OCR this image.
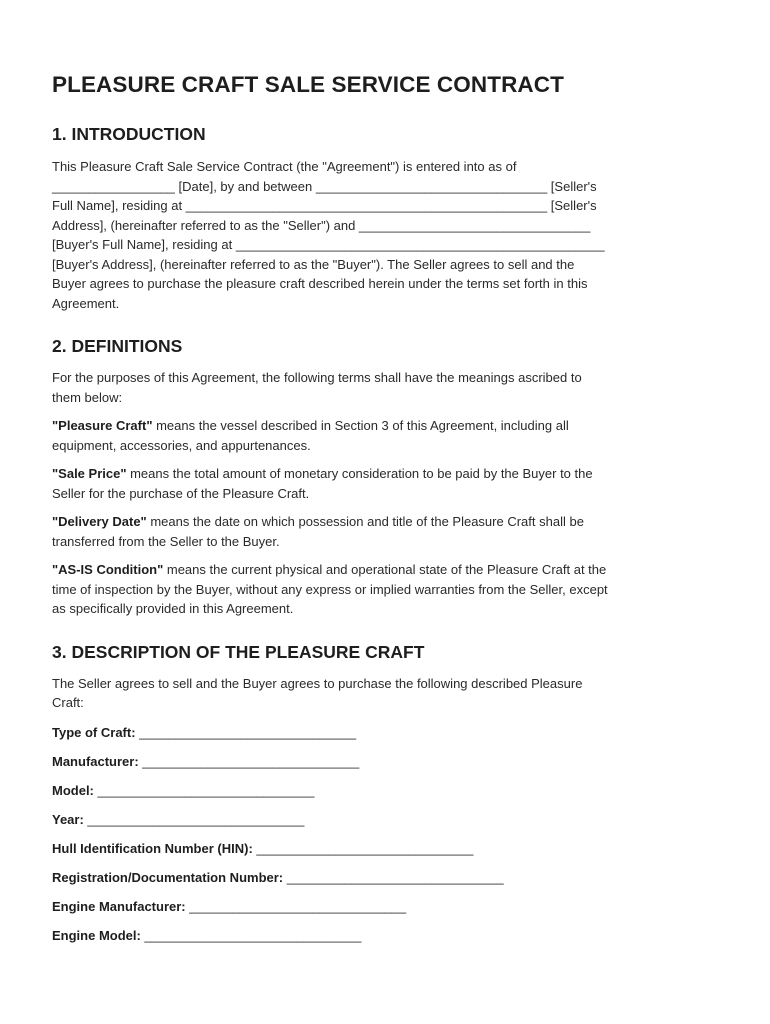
PLEASURE CRAFT SALE SERVICE CONTRACT
1. INTRODUCTION

This Pleasure Craft Sale Service Contract (the "Agreement") is entered into as of
_________________ [Date], by and between ________________________________ [Seller's
Full Name], residing at __________________________________________________ [Seller's
Address], (hereinafter referred to as the "Seller") and ________________________________
[Buyer's Full Name], residing at ___________________________________________________
[Buyer's Address], (hereinafter referred to as the "Buyer"). The Seller agrees to sell and the
Buyer agrees to purchase the pleasure craft described herein under the terms set forth in this
Agreement.

2. DEFINITIONS

For the purposes of this Agreement, the following terms shall have the meanings ascribed to
them below:

"Pleasure Craft" means the vessel described in Section 3 of this Agreement, including all
equipment, accessories, and appurtenances.

"Sale Price" means the total amount of monetary consideration to be paid by the Buyer to the
Seller for the purchase of the Pleasure Craft.

"Delivery Date" means the date on which possession and title of the Pleasure Craft shall be
transferred from the Seller to the Buyer.

"AS-IS Condition" means the current physical and operational state of the Pleasure Craft at the
time of inspection by the Buyer, without any express or implied warranties from the Seller, except
as specifically provided in this Agreement.

3. DESCRIPTION OF THE PLEASURE CRAFT

The Seller agrees to sell and the Buyer agrees to purchase the following described Pleasure
Craft:

Type of Craft: ______________________________

Manufacturer: ______________________________

Model: ______________________________

Year: ______________________________

Hull Identification Number (HIN): ______________________________

Registration/Documentation Number: ______________________________

Engine Manufacturer: ______________________________

Engine Model: ______________________________
